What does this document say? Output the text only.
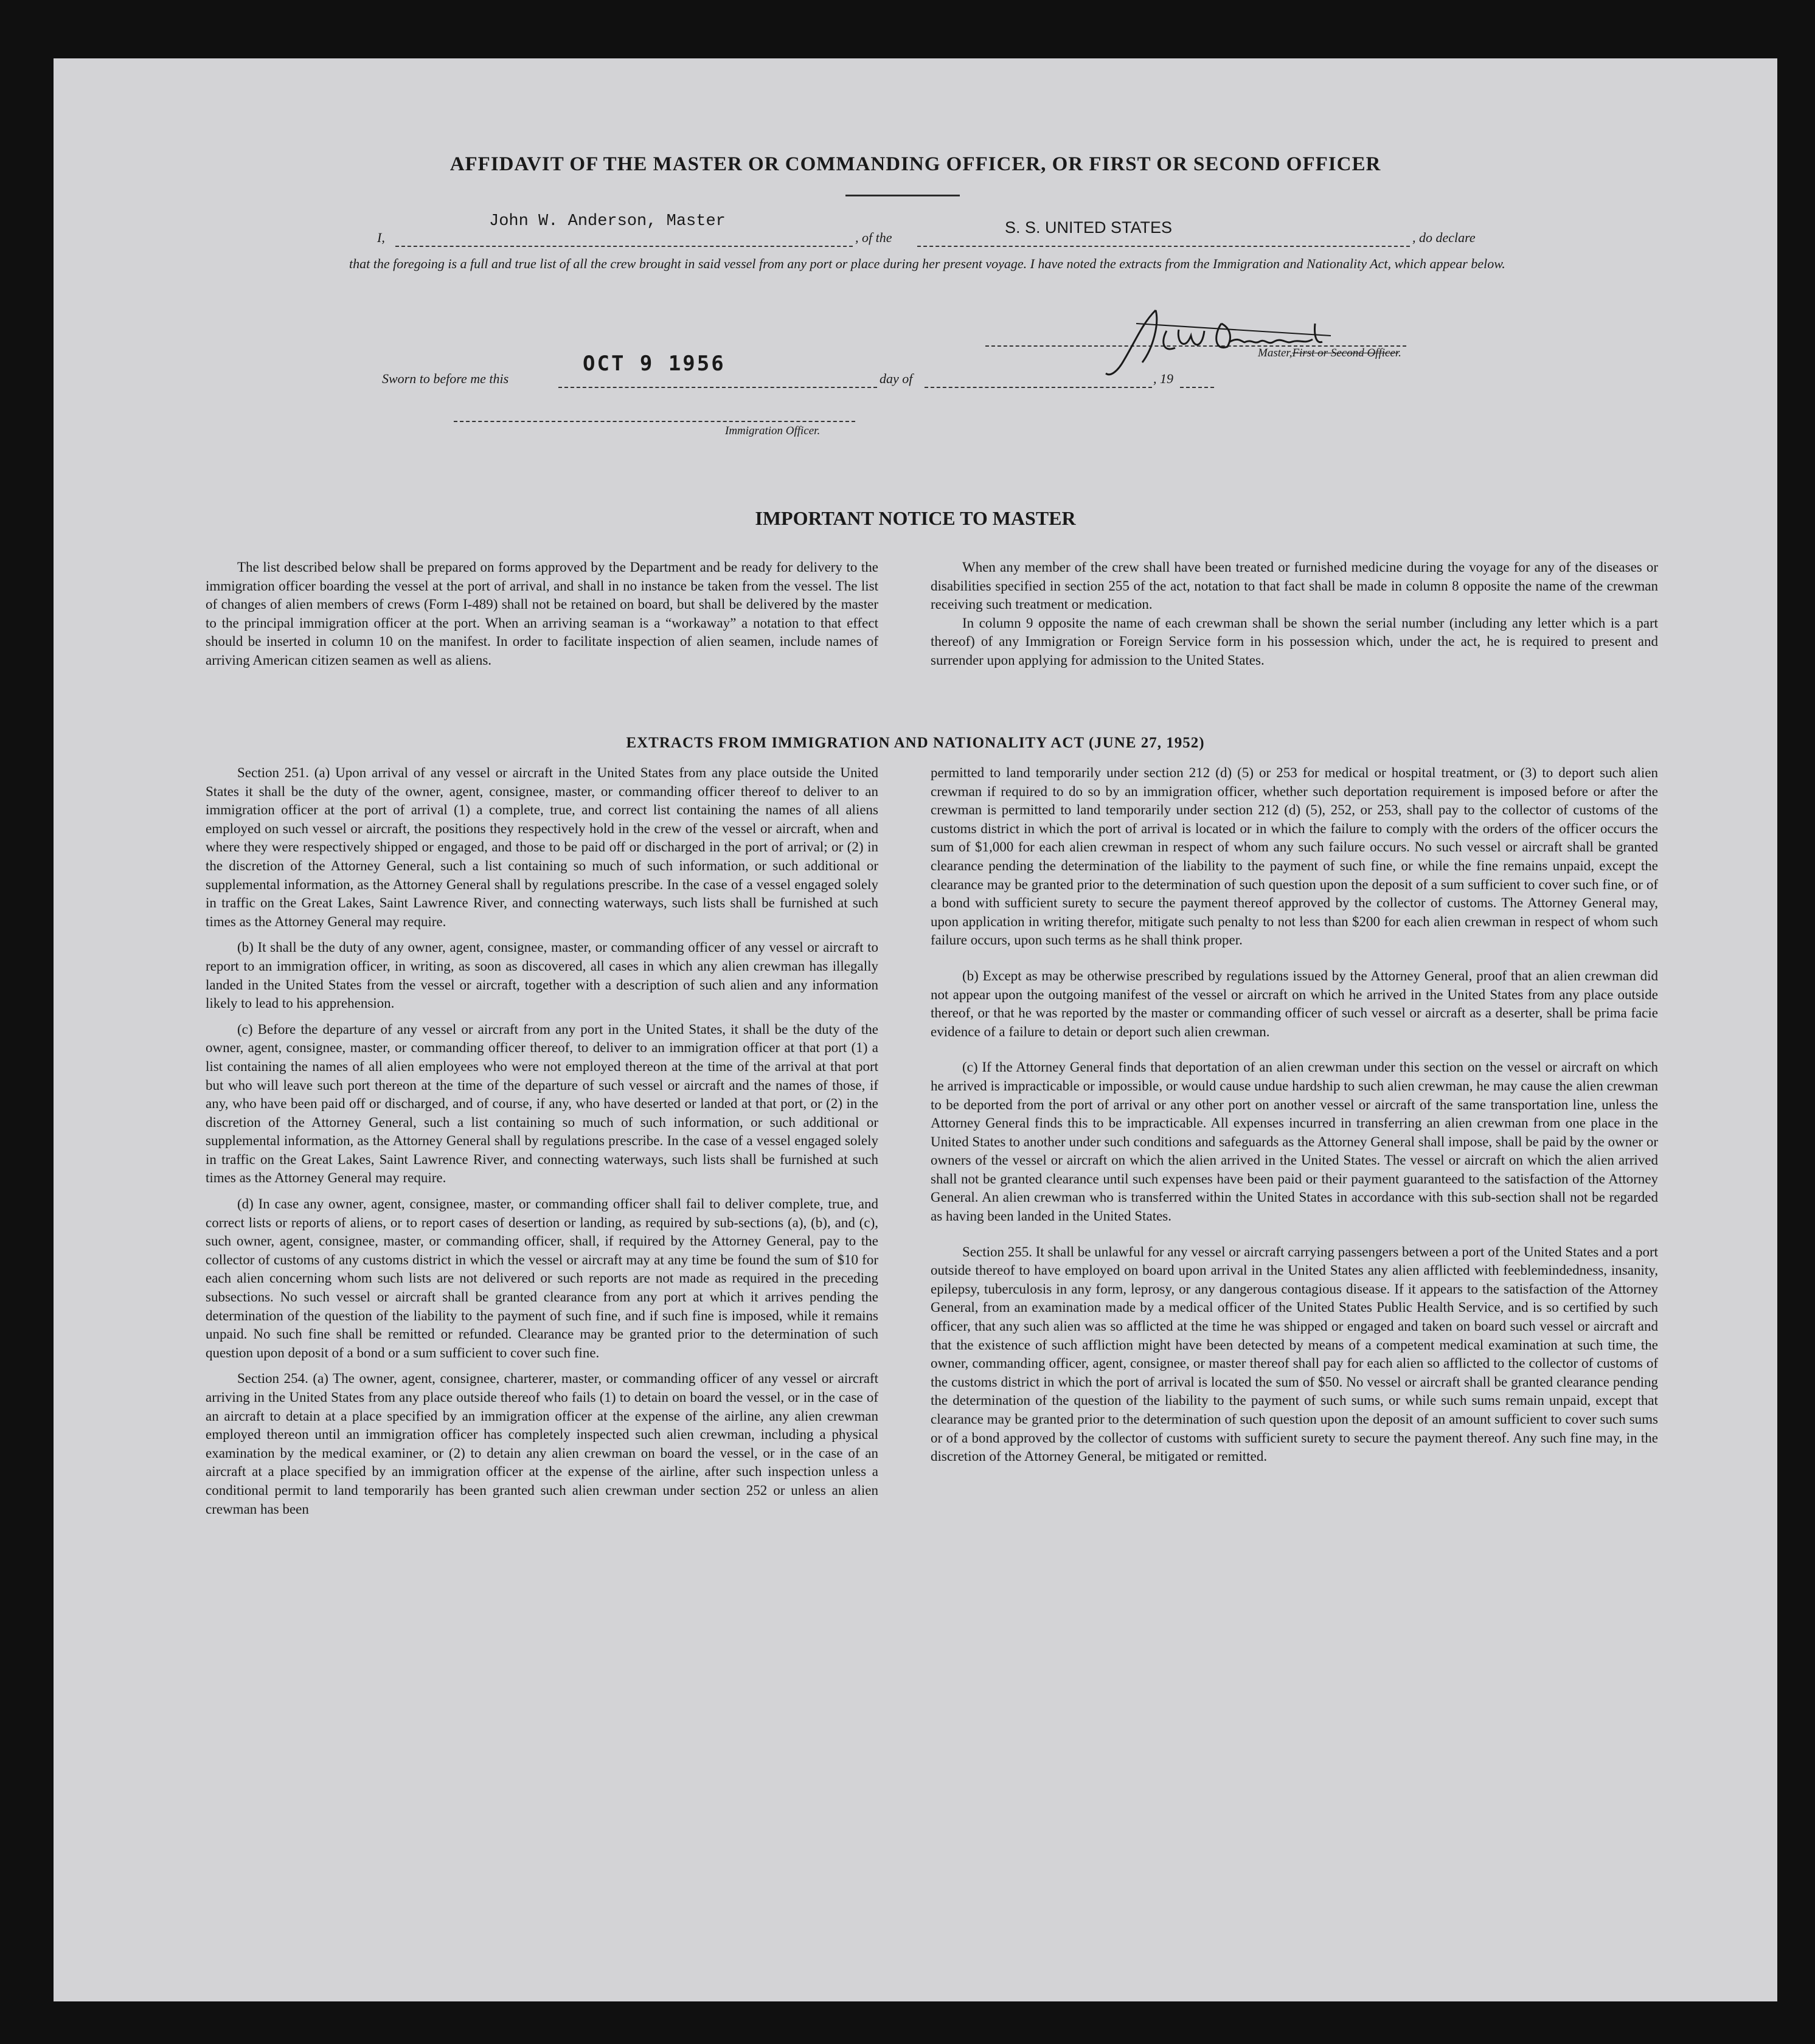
AFFIDAVIT OF THE MASTER OR COMMANDING OFFICER, OR FIRST OR SECOND OFFICER
I,
John W. Anderson, Master
, of the
S. S. UNITED STATES
, do declare
that the foregoing is a full and true list of all the crew brought in said vessel from any port or place during her present voyage. I have noted the extracts from the Immigration and Nationality Act, which appear below.
Master,First or Second Officer.
Sworn to before me this
OCT 9 1956
day of	, 19
Immigration Officer.
IMPORTANT NOTICE TO MASTER

The list described below shall be prepared on forms approved by the Department and be ready for delivery to the immigration officer boarding the vessel at the port of arrival, and shall in no instance be taken from the vessel. The list of changes of alien members of crews (Form I-489) shall not be retained on board, but shall be delivered by the master to the principal immigration officer at the port. When an arriving seaman is a “workaway” a notation to that effect should be inserted in column 10 on the manifest. In order to facilitate inspection of alien seamen, include names of arriving American citizen seamen as well as aliens.

When any member of the crew shall have been treated or furnished medicine during the voyage for any of the diseases or disabilities specified in section 255 of the act, notation to that fact shall be made in column 8 opposite the name of the crewman receiving such treatment or medication.

In column 9 opposite the name of each crewman shall be shown the serial number (including any letter which is a part thereof) of any Immigration or Foreign Service form in his possession which, under the act, he is required to present and surrender upon applying for admission to the United States.

EXTRACTS FROM IMMIGRATION AND NATIONALITY ACT (JUNE 27, 1952)

Section 251. (a) Upon arrival of any vessel or aircraft in the United States from any place outside the United States it shall be the duty of the owner, agent, consignee, master, or commanding officer thereof to deliver to an immigration officer at the port of arrival (1) a complete, true, and correct list containing the names of all aliens employed on such vessel or aircraft, the positions they respectively hold in the crew of the vessel or aircraft, when and where they were respectively shipped or engaged, and those to be paid off or discharged in the port of arrival; or (2) in the discretion of the Attorney General, such a list containing so much of such information, or such additional or supplemental information, as the Attorney General shall by regulations prescribe. In the case of a vessel engaged solely in traffic on the Great Lakes, Saint Lawrence River, and connecting waterways, such lists shall be furnished at such times as the Attorney General may require.

(b) It shall be the duty of any owner, agent, consignee, master, or commanding officer of any vessel or aircraft to report to an immigration officer, in writing, as soon as discovered, all cases in which any alien crewman has illegally landed in the United States from the vessel or aircraft, together with a description of such alien and any information likely to lead to his apprehension.

(c) Before the departure of any vessel or aircraft from any port in the United States, it shall be the duty of the owner, agent, consignee, master, or commanding officer thereof, to deliver to an immigration officer at that port (1) a list containing the names of all alien employees who were not employed thereon at the time of the arrival at that port but who will leave such port thereon at the time of the departure of such vessel or aircraft and the names of those, if any, who have been paid off or discharged, and of course, if any, who have deserted or landed at that port, or (2) in the discretion of the Attorney General, such a list containing so much of such information, or such additional or supplemental information, as the Attorney General shall by regulations prescribe. In the case of a vessel engaged solely in traffic on the Great Lakes, Saint Lawrence River, and connecting waterways, such lists shall be furnished at such times as the Attorney General may require.

(d) In case any owner, agent, consignee, master, or commanding officer shall fail to deliver complete, true, and correct lists or reports of aliens, or to report cases of desertion or landing, as required by sub-sections (a), (b), and (c), such owner, agent, consignee, master, or commanding officer, shall, if required by the Attorney General, pay to the collector of customs of any customs district in which the vessel or aircraft may at any time be found the sum of $10 for each alien concerning whom such lists are not delivered or such reports are not made as required in the preceding subsections. No such vessel or aircraft shall be granted clearance from any port at which it arrives pending the determination of the question of the liability to the payment of such fine, and if such fine is imposed, while it remains unpaid. No such fine shall be remitted or refunded. Clearance may be granted prior to the determination of such question upon deposit of a bond or a sum sufficient to cover such fine.

Section 254. (a) The owner, agent, consignee, charterer, master, or commanding officer of any vessel or aircraft arriving in the United States from any place outside thereof who fails (1) to detain on board the vessel, or in the case of an aircraft to detain at a place specified by an immigration officer at the expense of the airline, any alien crewman employed thereon until an immigration officer has completely inspected such alien crewman, including a physical examination by the medical examiner, or (2) to detain any alien crewman on board the vessel, or in the case of an aircraft at a place specified by an immigration officer at the expense of the airline, after such inspection unless a conditional permit to land temporarily has been granted such alien crewman under section 252 or unless an alien crewman has been

permitted to land temporarily under section 212 (d) (5) or 253 for medical or hospital treatment, or (3) to deport such alien crewman if required to do so by an immigration officer, whether such deportation requirement is imposed before or after the crewman is permitted to land temporarily under section 212 (d) (5), 252, or 253, shall pay to the collector of customs of the customs district in which the port of arrival is located or in which the failure to comply with the orders of the officer occurs the sum of $1,000 for each alien crewman in respect of whom any such failure occurs. No such vessel or aircraft shall be granted clearance pending the determination of the liability to the payment of such fine, or while the fine remains unpaid, except the clearance may be granted prior to the determination of such question upon the deposit of a sum sufficient to cover such fine, or of a bond with sufficient surety to secure the payment thereof approved by the collector of customs. The Attorney General may, upon application in writing therefor, mitigate such penalty to not less than $200 for each alien crewman in respect of whom such failure occurs, upon such terms as he shall think proper.

(b) Except as may be otherwise prescribed by regulations issued by the Attorney General, proof that an alien crewman did not appear upon the outgoing manifest of the vessel or aircraft on which he arrived in the United States from any place outside thereof, or that he was reported by the master or commanding officer of such vessel or aircraft as a deserter, shall be prima facie evidence of a failure to detain or deport such alien crewman.

(c) If the Attorney General finds that deportation of an alien crewman under this section on the vessel or aircraft on which he arrived is impracticable or impossible, or would cause undue hardship to such alien crewman, he may cause the alien crewman to be deported from the port of arrival or any other port on another vessel or aircraft of the same transportation line, unless the Attorney General finds this to be impracticable. All expenses incurred in transferring an alien crewman from one place in the United States to another under such conditions and safeguards as the Attorney General shall impose, shall be paid by the owner or owners of the vessel or aircraft on which the alien arrived in the United States. The vessel or aircraft on which the alien arrived shall not be granted clearance until such expenses have been paid or their payment guaranteed to the satisfaction of the Attorney General. An alien crewman who is transferred within the United States in accordance with this sub-section shall not be regarded as having been landed in the United States.

Section 255. It shall be unlawful for any vessel or aircraft carrying passengers between a port of the United States and a port outside thereof to have employed on board upon arrival in the United States any alien afflicted with feeblemindedness, insanity, epilepsy, tuberculosis in any form, leprosy, or any dangerous contagious disease. If it appears to the satisfaction of the Attorney General, from an examination made by a medical officer of the United States Public Health Service, and is so certified by such officer, that any such alien was so afflicted at the time he was shipped or engaged and taken on board such vessel or aircraft and that the existence of such affliction might have been detected by means of a competent medical examination at such time, the owner, commanding officer, agent, consignee, or master thereof shall pay for each alien so afflicted to the collector of customs of the customs district in which the port of arrival is located the sum of $50. No vessel or aircraft shall be granted clearance pending the determination of the question of the liability to the payment of such sums, or while such sums remain unpaid, except that clearance may be granted prior to the determination of such question upon the deposit of an amount sufficient to cover such sums or of a bond approved by the collector of customs with sufficient surety to secure the payment thereof. Any such fine may, in the discretion of the Attorney General, be mitigated or remitted.
